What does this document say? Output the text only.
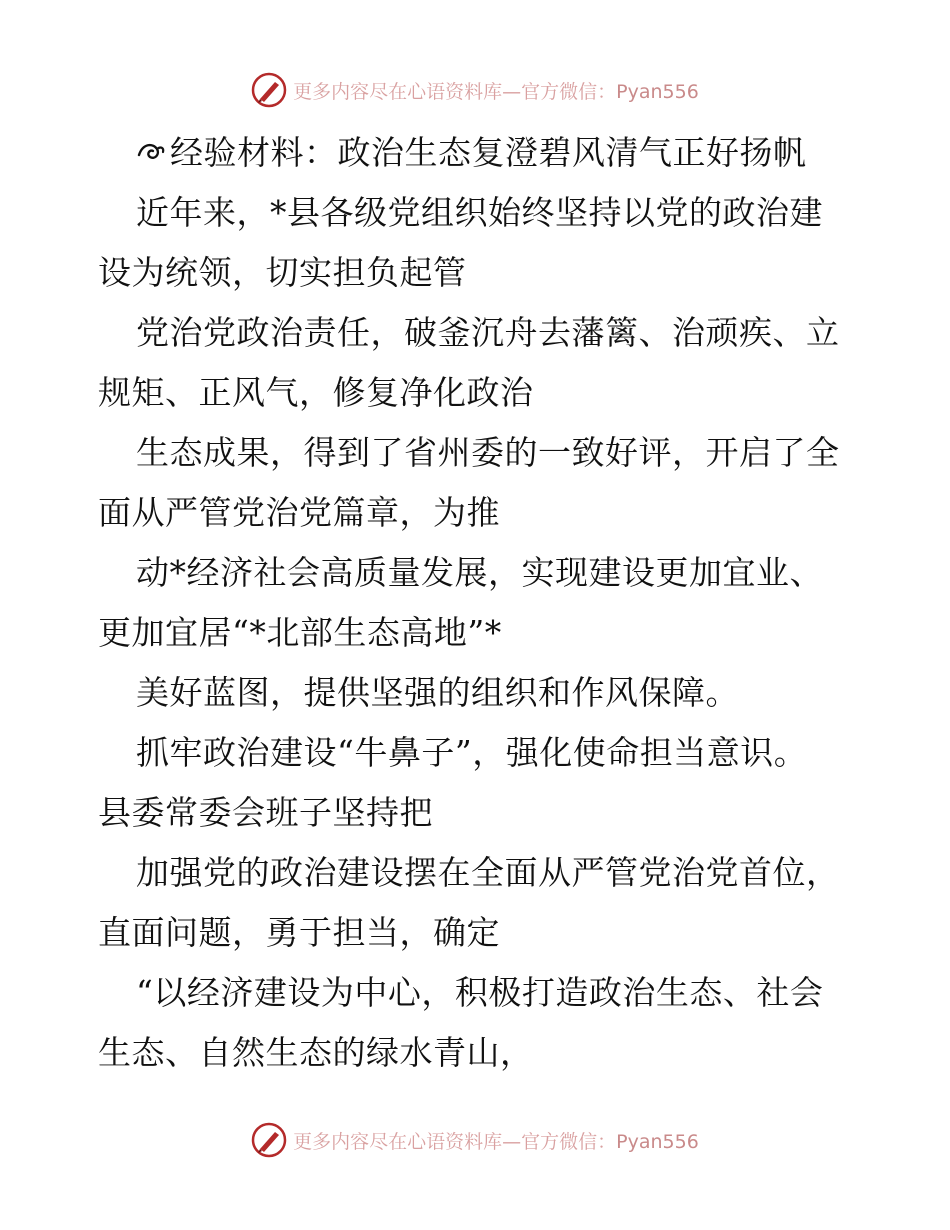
更多内容尽在心语资料库—官方微信：Pyan556
经验材料：政治生态复澄碧风清气正好扬帆
近年来，*县各级党组织始终坚持以党的政治建
设为统领，切实担负起管
党治党政治责任，破釜沉舟去藩篱、治顽疾、立
规矩、正风气，修复净化政治
生态成果，得到了省州委的一致好评，开启了全
面从严管党治党篇章，为推
动*经济社会高质量发展，实现建设更加宜业、
更加宜居“*北部生态高地”*
美好蓝图，提供坚强的组织和作风保障。
抓牢政治建设“牛鼻子”，强化使命担当意识。
县委常委会班子坚持把
加强党的政治建设摆在全面从严管党治党首位，
直面问题，勇于担当，确定
“以经济建设为中心，积极打造政治生态、社会
生态、自然生态的绿水青山，
更多内容尽在心语资料库—官方微信：Pyan556
